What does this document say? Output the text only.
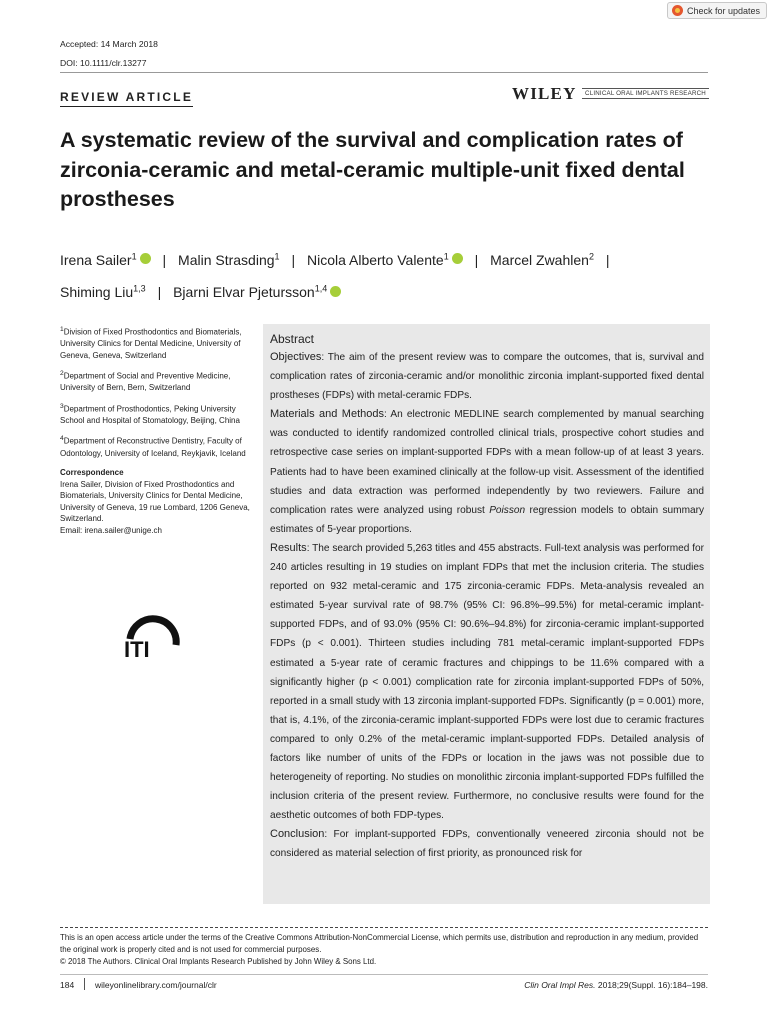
Check for updates
Accepted: 14 March 2018
DOI: 10.1111/clr.13277
REVIEW ARTICLE	WILEY	CLINICAL ORAL IMPLANTS RESEARCH
A systematic review of the survival and complication rates of zirconia-ceramic and metal-ceramic multiple-unit fixed dental prostheses
Irena Sailer$^1$ | Malin Strasding$^1$ | Nicola Alberto Valente$^1$ | Marcel Zwahlen$^2$ |
Shiming Liu$^{1,3}$ | Bjarni Elvar Pjetursson$^{1,4}$
$^1$Division of Fixed Prosthodontics and Biomaterials, University Clinics for Dental Medicine, University of Geneva, Geneva, Switzerland
$^2$Department of Social and Preventive Medicine, University of Bern, Bern, Switzerland
$^3$Department of Prosthodontics, Peking University School and Hospital of Stomatology, Beijing, China
$^4$Department of Reconstructive Dentistry, Faculty of Odontology, University of Iceland, Reykjavik, Iceland
Correspondence
Irena Sailer, Division of Fixed Prosthodontics and Biomaterials, University Clinics for Dental Medicine, University of Geneva, 19 rue Lombard, 1206 Geneva, Switzerland.
Email: irena.sailer@unige.ch
ITI
Abstract

Objectives: The aim of the present review was to compare the outcomes, that is, survival and complication rates of zirconia-ceramic and/or monolithic zirconia implant-supported fixed dental prostheses (FDPs) with metal-ceramic FDPs.

Materials and Methods: An electronic MEDLINE search complemented by manual searching was conducted to identify randomized controlled clinical trials, prospective cohort studies and retrospective case series on implant-supported FDPs with a mean follow-up of at least 3 years. Patients had to have been examined clinically at the follow-up visit. Assessment of the identified studies and data extraction was performed independently by two reviewers. Failure and complication rates were analyzed using robust Poisson regression models to obtain summary estimates of 5-year proportions.

Results: The search provided 5,263 titles and 455 abstracts. Full-text analysis was performed for 240 articles resulting in 19 studies on implant FDPs that met the inclusion criteria. The studies reported on 932 metal-ceramic and 175 zirconia-ceramic FDPs. Meta-analysis revealed an estimated 5-year survival rate of 98.7% (95% CI: 96.8%–99.5%) for metal-ceramic implant-supported FDPs, and of 93.0% (95% CI: 90.6%–94.8%) for zirconia-ceramic implant-supported FDPs (p < 0.001). Thirteen studies including 781 metal-ceramic implant-supported FDPs estimated a 5-year rate of ceramic fractures and chippings to be 11.6% compared with a significantly higher (p < 0.001) complication rate for zirconia implant-supported FDPs of 50%, reported in a small study with 13 zirconia implant-supported FDPs. Significantly (p = 0.001) more, that is, 4.1%, of the zirconia-ceramic implant-supported FDPs were lost due to ceramic fractures compared to only 0.2% of the metal-ceramic implant-supported FDPs. Detailed analysis of factors like number of units of the FDPs or location in the jaws was not possible due to heterogeneity of reporting. No studies on monolithic zirconia implant-supported FDPs fulfilled the inclusion criteria of the present review. Furthermore, no conclusive results were found for the aesthetic outcomes of both FDP-types.

Conclusion: For implant-supported FDPs, conventionally veneered zirconia should not be considered as material selection of first priority, as pronounced risk for

This is an open access article under the terms of the Creative Commons Attribution-NonCommercial License, which permits use, distribution and reproduction in any medium, provided the original work is properly cited and is not used for commercial purposes.
© 2018 The Authors. Clinical Oral Implants Research Published by John Wiley & Sons Ltd.
184 wileyonlinelibrary.com/journal/clr	Clin Oral Impl Res. 2018;29(Suppl. 16):184–198.
